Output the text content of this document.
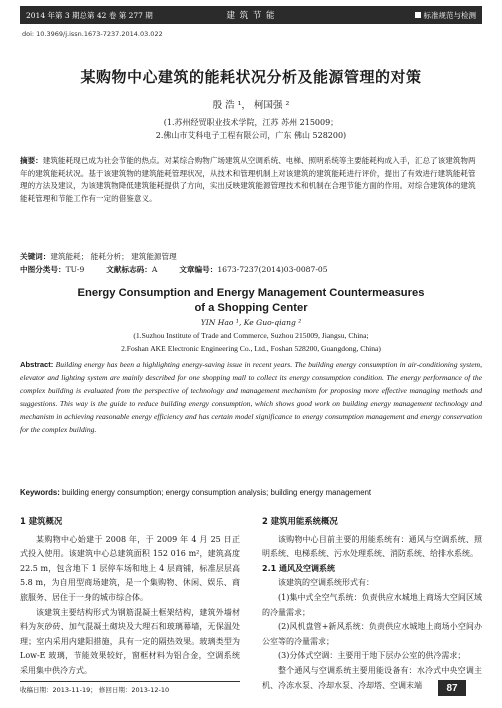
2014 年第 3 期总第 42 卷 第 277 期	建 筑 节 能	标准规范与检测
doi: 10.3969/j.issn.1673-7237.2014.03.022
某购物中心建筑的能耗状况分析及能源管理的对策
殷 浩 ¹， 柯国强 ²
(1.苏州经贸职业技术学院，江苏 苏州 215009；
2.佛山市艾科电子工程有限公司，广东 佛山 528200)
摘要：建筑能耗现已成为社会节能的热点。对某综合购物广场建筑从空调系统、电梯、照明系统等主要能耗构成入手，汇总了该建筑物两年的建筑能耗状况。基于该建筑物的建筑能耗管理状况，从技术和管理机制上对该建筑的建筑能耗进行评价，提出了有效进行建筑能耗管理的方法及建议，为该建筑物降低建筑能耗提供了方向，实出反映建筑能源管理技术和机制在合理节能方面的作用。对综合建筑体的建筑能耗管理和节能工作有一定的借鉴意义。
关键词：建筑能耗； 能耗分析； 建筑能源管理
中图分类号：TU-9	文献标志码：A	文章编号：1673-7237(2014)03-0087-05
Energy Consumption and Energy Management Countermeasures
of a Shopping Center
YIN Hao ¹, Ke Guo-qiang ²
(1.Suzhou Institute of Trade and Commerce, Suzhou 215009, Jiangsu, China;
2.Foshan AKE Electronic Engineering Co., Ltd., Foshan 528200, Guangdong, China)
Abstract: Building energy has been a highlighting energy-saving issue in recent years. The building energy consumption in air-conditioning system, elevator and lighting system are mainly described for one shopping mall to collect its energy consumption condition. The energy performance of the complex building is evaluated from the perspective of technology and management mechanism for proposing more effective managing methods and suggestions. This way is the guide to reduce building energy consumption, which shows good work on building energy management technology and mechanism in achieving reasonable energy efficiency and has certain model significance to energy consumption management and energy conservation for the complex building.
Keywords: building energy consumption; energy consumption analysis; building energy management
1 建筑概况

某购物中心始建于 2008 年，于 2009 年 4 月 25 日正式投入使用。该建筑中心总建筑面积 152 016 m²，建筑高度 22.5 m，包含地下 1 层停车场和地上 4 层商铺，标准层层高 5.8 m，为自用型商场建筑，是一个集购物、休闲、娱乐、商旅服务、居住于一身的城市综合体。

该建筑主要结构形式为钢筋混凝土框架结构，建筑外墙材料为灰砂砖、加气混凝土砌块及大理石和玻璃幕墙，无保温处理；室内采用内建阳措施，具有一定的隔热效果。玻璃类型为 Low-E 玻璃，节能效果较好，窗框材料为铝合金，空调系统采用集中供冷方式。

2 建筑用能系统概况

该购物中心目前主要的用能系统有：通风与空调系统、照明系统、电梯系统、污水处理系统、消防系统、给排水系统。

2.1 通风及空调系统

该建筑的空调系统形式有：

(1)集中式全空气系统：负责供应水城地上商场大空间区域的冷量需求；

(2)风机盘管+新风系统：负责供应水城地上商场小空间办公室等的冷量需求；

(3)分体式空调：主要用于地下层办公室的供冷需求；

整个通风与空调系统主要用能设备有：水冷式中央空调主机、冷冻水泵、冷却水泵、冷却塔、空调末端

收稿日期：2013-11-19； 修回日期：2013-12-10	87
